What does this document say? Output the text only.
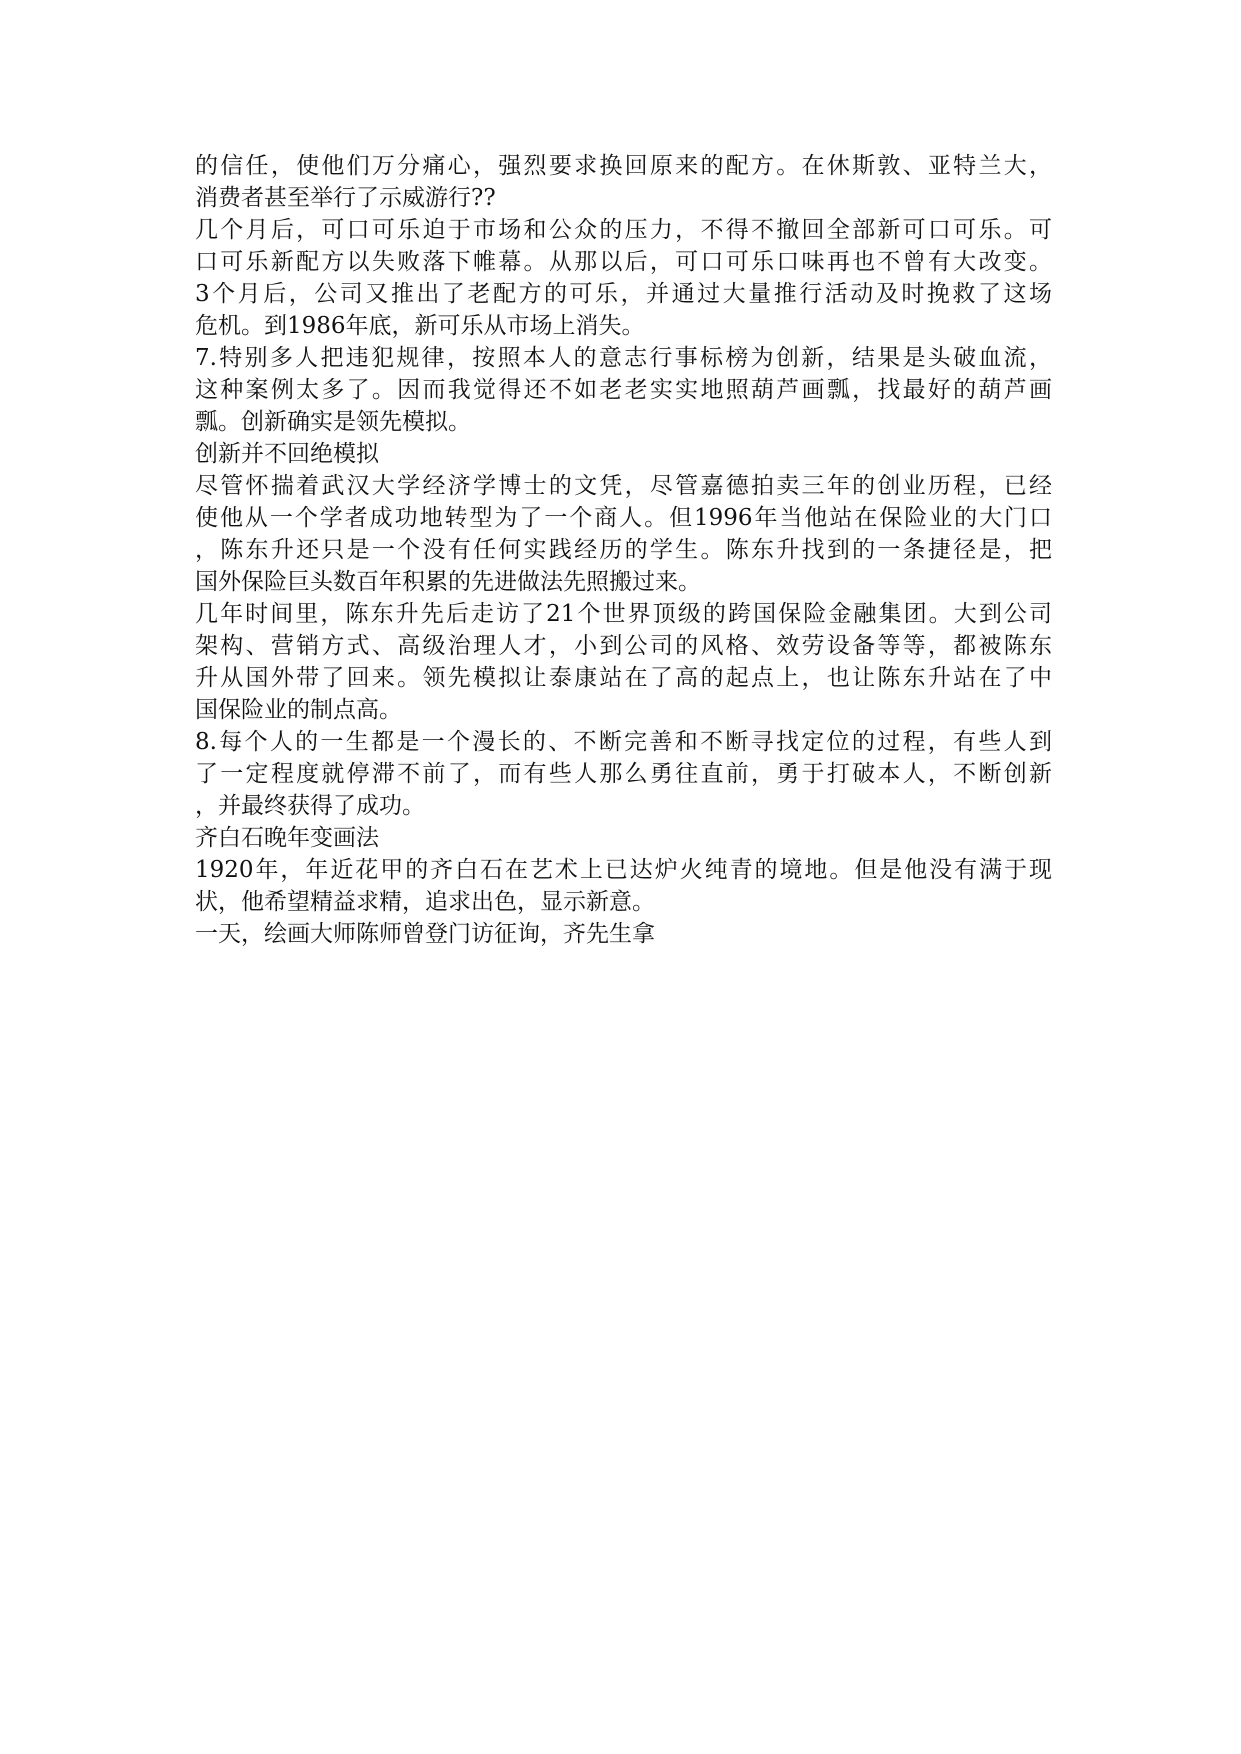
的信任，使他们万分痛心，强烈要求换回原来的配方。在休斯敦、亚特兰大，

消费者甚至举行了示威游行??

几个月后，可口可乐迫于市场和公众的压力，不得不撤回全部新可口可乐。可

口可乐新配方以失败落下帷幕。从那以后，可口可乐口味再也不曾有大改变。

3个月后，公司又推出了老配方的可乐，并通过大量推行活动及时挽救了这场

危机。到1986年底，新可乐从市场上消失。

7.特别多人把违犯规律，按照本人的意志行事标榜为创新，结果是头破血流，

这种案例太多了。因而我觉得还不如老老实实地照葫芦画瓢，找最好的葫芦画

瓢。创新确实是领先模拟。

创新并不回绝模拟

尽管怀揣着武汉大学经济学博士的文凭，尽管嘉德拍卖三年的创业历程，已经

使他从一个学者成功地转型为了一个商人。但1996年当他站在保险业的大门口

，陈东升还只是一个没有任何实践经历的学生。陈东升找到的一条捷径是，把

国外保险巨头数百年积累的先进做法先照搬过来。

几年时间里，陈东升先后走访了21个世界顶级的跨国保险金融集团。大到公司

架构、营销方式、高级治理人才，小到公司的风格、效劳设备等等，都被陈东

升从国外带了回来。领先模拟让泰康站在了高的起点上，也让陈东升站在了中

国保险业的制点高。

8.每个人的一生都是一个漫长的、不断完善和不断寻找定位的过程，有些人到

了一定程度就停滞不前了，而有些人那么勇往直前，勇于打破本人，不断创新

，并最终获得了成功。

齐白石晚年变画法

1920年，年近花甲的齐白石在艺术上已达炉火纯青的境地。但是他没有满于现

状，他希望精益求精，追求出色，显示新意。

一天，绘画大师陈师曾登门访征询，齐先生拿
